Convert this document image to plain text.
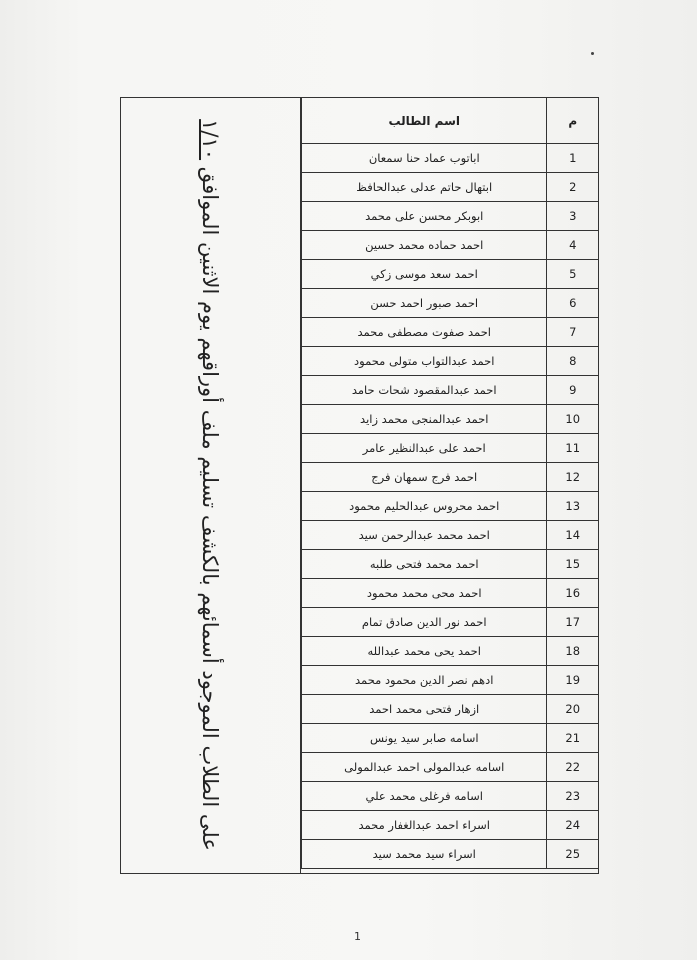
على الطلاب الموجود أسمائهم بالكشف تسليم ملف أوراقهم يوم الاثنين الموافق ١/١٠	اسم الطالب	م
اباتوب عماد حنا سمعان	1
ابتهال حاتم عدلى عبدالحافظ	2
ابوبكر محسن على محمد	3
احمد حماده محمد حسين	4
احمد سعد موسى زكي	5
احمد صبور احمد حسن	6
احمد صفوت مصطفى محمد	7
احمد عبدالتواب متولى محمود	8
احمد عبدالمقصود شحات حامد	9
احمد عبدالمنجى محمد زايد	10
احمد على عبدالنظير عامر	11
احمد فرج سمهان فرج	12
احمد محروس عبدالحليم محمود	13
احمد محمد عبدالرحمن سيد	14
احمد محمد فتحى طلبه	15
احمد محى محمد محمود	16
احمد نور الدين صادق تمام	17
احمد يحى محمد عبدالله	18
ادهم نصر الدين محمود محمد	19
ازهار فتحى محمد احمد	20
اسامه صابر سيد يونس	21
اسامه عبدالمولى احمد عبدالمولى	22
اسامه فرغلى محمد علي	23
اسراء احمد عبدالغفار محمد	24
اسراء سيد محمد سيد	25
1
